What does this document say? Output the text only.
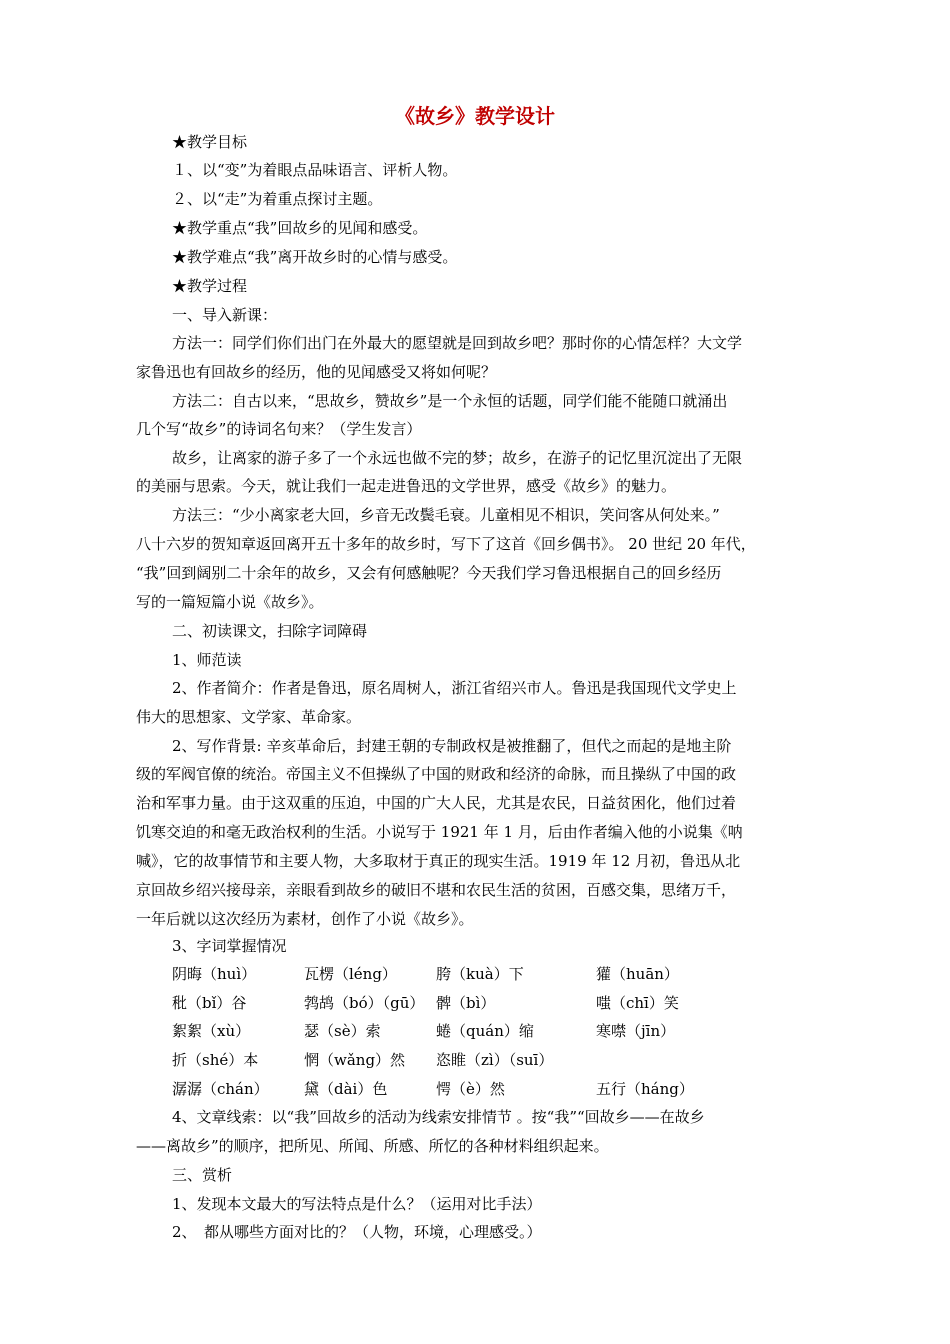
《故乡》教学设计
★教学目标
１、以“变”为着眼点品味语言、评析人物。
２、以“走”为着重点探讨主题。
★教学重点“我”回故乡的见闻和感受。
★教学难点“我”离开故乡时的心情与感受。
★教学过程
一、导入新课：
方法一：同学们你们出门在外最大的愿望就是回到故乡吧？那时你的心情怎样？大文学
家鲁迅也有回故乡的经历，他的见闻感受又将如何呢？
方法二：自古以来，“思故乡，赞故乡”是一个永恒的话题，同学们能不能随口就涌出
几个写“故乡”的诗词名句来？（学生发言）
故乡，让离家的游子多了一个永远也做不完的梦；故乡，在游子的记忆里沉淀出了无限
的美丽与思索。今天，就让我们一起走进鲁迅的文学世界，感受《故乡》的魅力。
方法三：“少小离家老大回，乡音无改鬓毛衰。儿童相见不相识，笑问客从何处来。”
八十六岁的贺知章返回离开五十多年的故乡时，写下了这首《回乡偶书》。 20 世纪 20 年代，
“我”回到阔别二十余年的故乡，又会有何感触呢？今天我们学习鲁迅根据自己的回乡经历
写的一篇短篇小说《故乡》。
二、初读课文，扫除字词障碍
1、师范读
2、作者简介：作者是鲁迅，原名周树人，浙江省绍兴市人。鲁迅是我国现代文学史上
伟大的思想家、文学家、革命家。
2、写作背景: 辛亥革命后，封建王朝的专制政权是被推翻了，但代之而起的是地主阶
级的军阀官僚的统治。帝国主义不但操纵了中国的财政和经济的命脉，而且操纵了中国的政
治和军事力量。由于这双重的压迫，中国的广大人民，尤其是农民，日益贫困化，他们过着
饥寒交迫的和毫无政治权利的生活。小说写于 1921 年 1 月，后由作者编入他的小说集《呐
喊》，它的故事情节和主要人物，大多取材于真正的现实生活。1919 年 12 月初，鲁迅从北
京回故乡绍兴接母亲，亲眼看到故乡的破旧不堪和农民生活的贫困，百感交集，思绪万千，
一年后就以这次经历为素材，创作了小说《故乡》。
3、字词掌握情况
阴晦（huì）	瓦楞（léng）	胯（kuà）下	獾（huān）
秕（bǐ）谷	鹁鸪（bó）（gū） 髀（bì）	嗤（chī）笑
絮絮（xù）	瑟（sè）索	蜷（quán）缩	寒噤（jīn）
折（shé）本	惘（wǎng）然 恣睢（zì）（suī）
潺潺（chán） 黛（dài）色	愕（è）然	五行（háng）
4、文章线索：以“我”回故乡的活动为线索安排情节 。按“我”“回故乡——在故乡
——离故乡”的顺序，把所见、所闻、所感、所忆的各种材料组织起来。
三、赏析
1、发现本文最大的写法特点是什么？（运用对比手法）
2、　都从哪些方面对比的？（人物，环境，心理感受。）
